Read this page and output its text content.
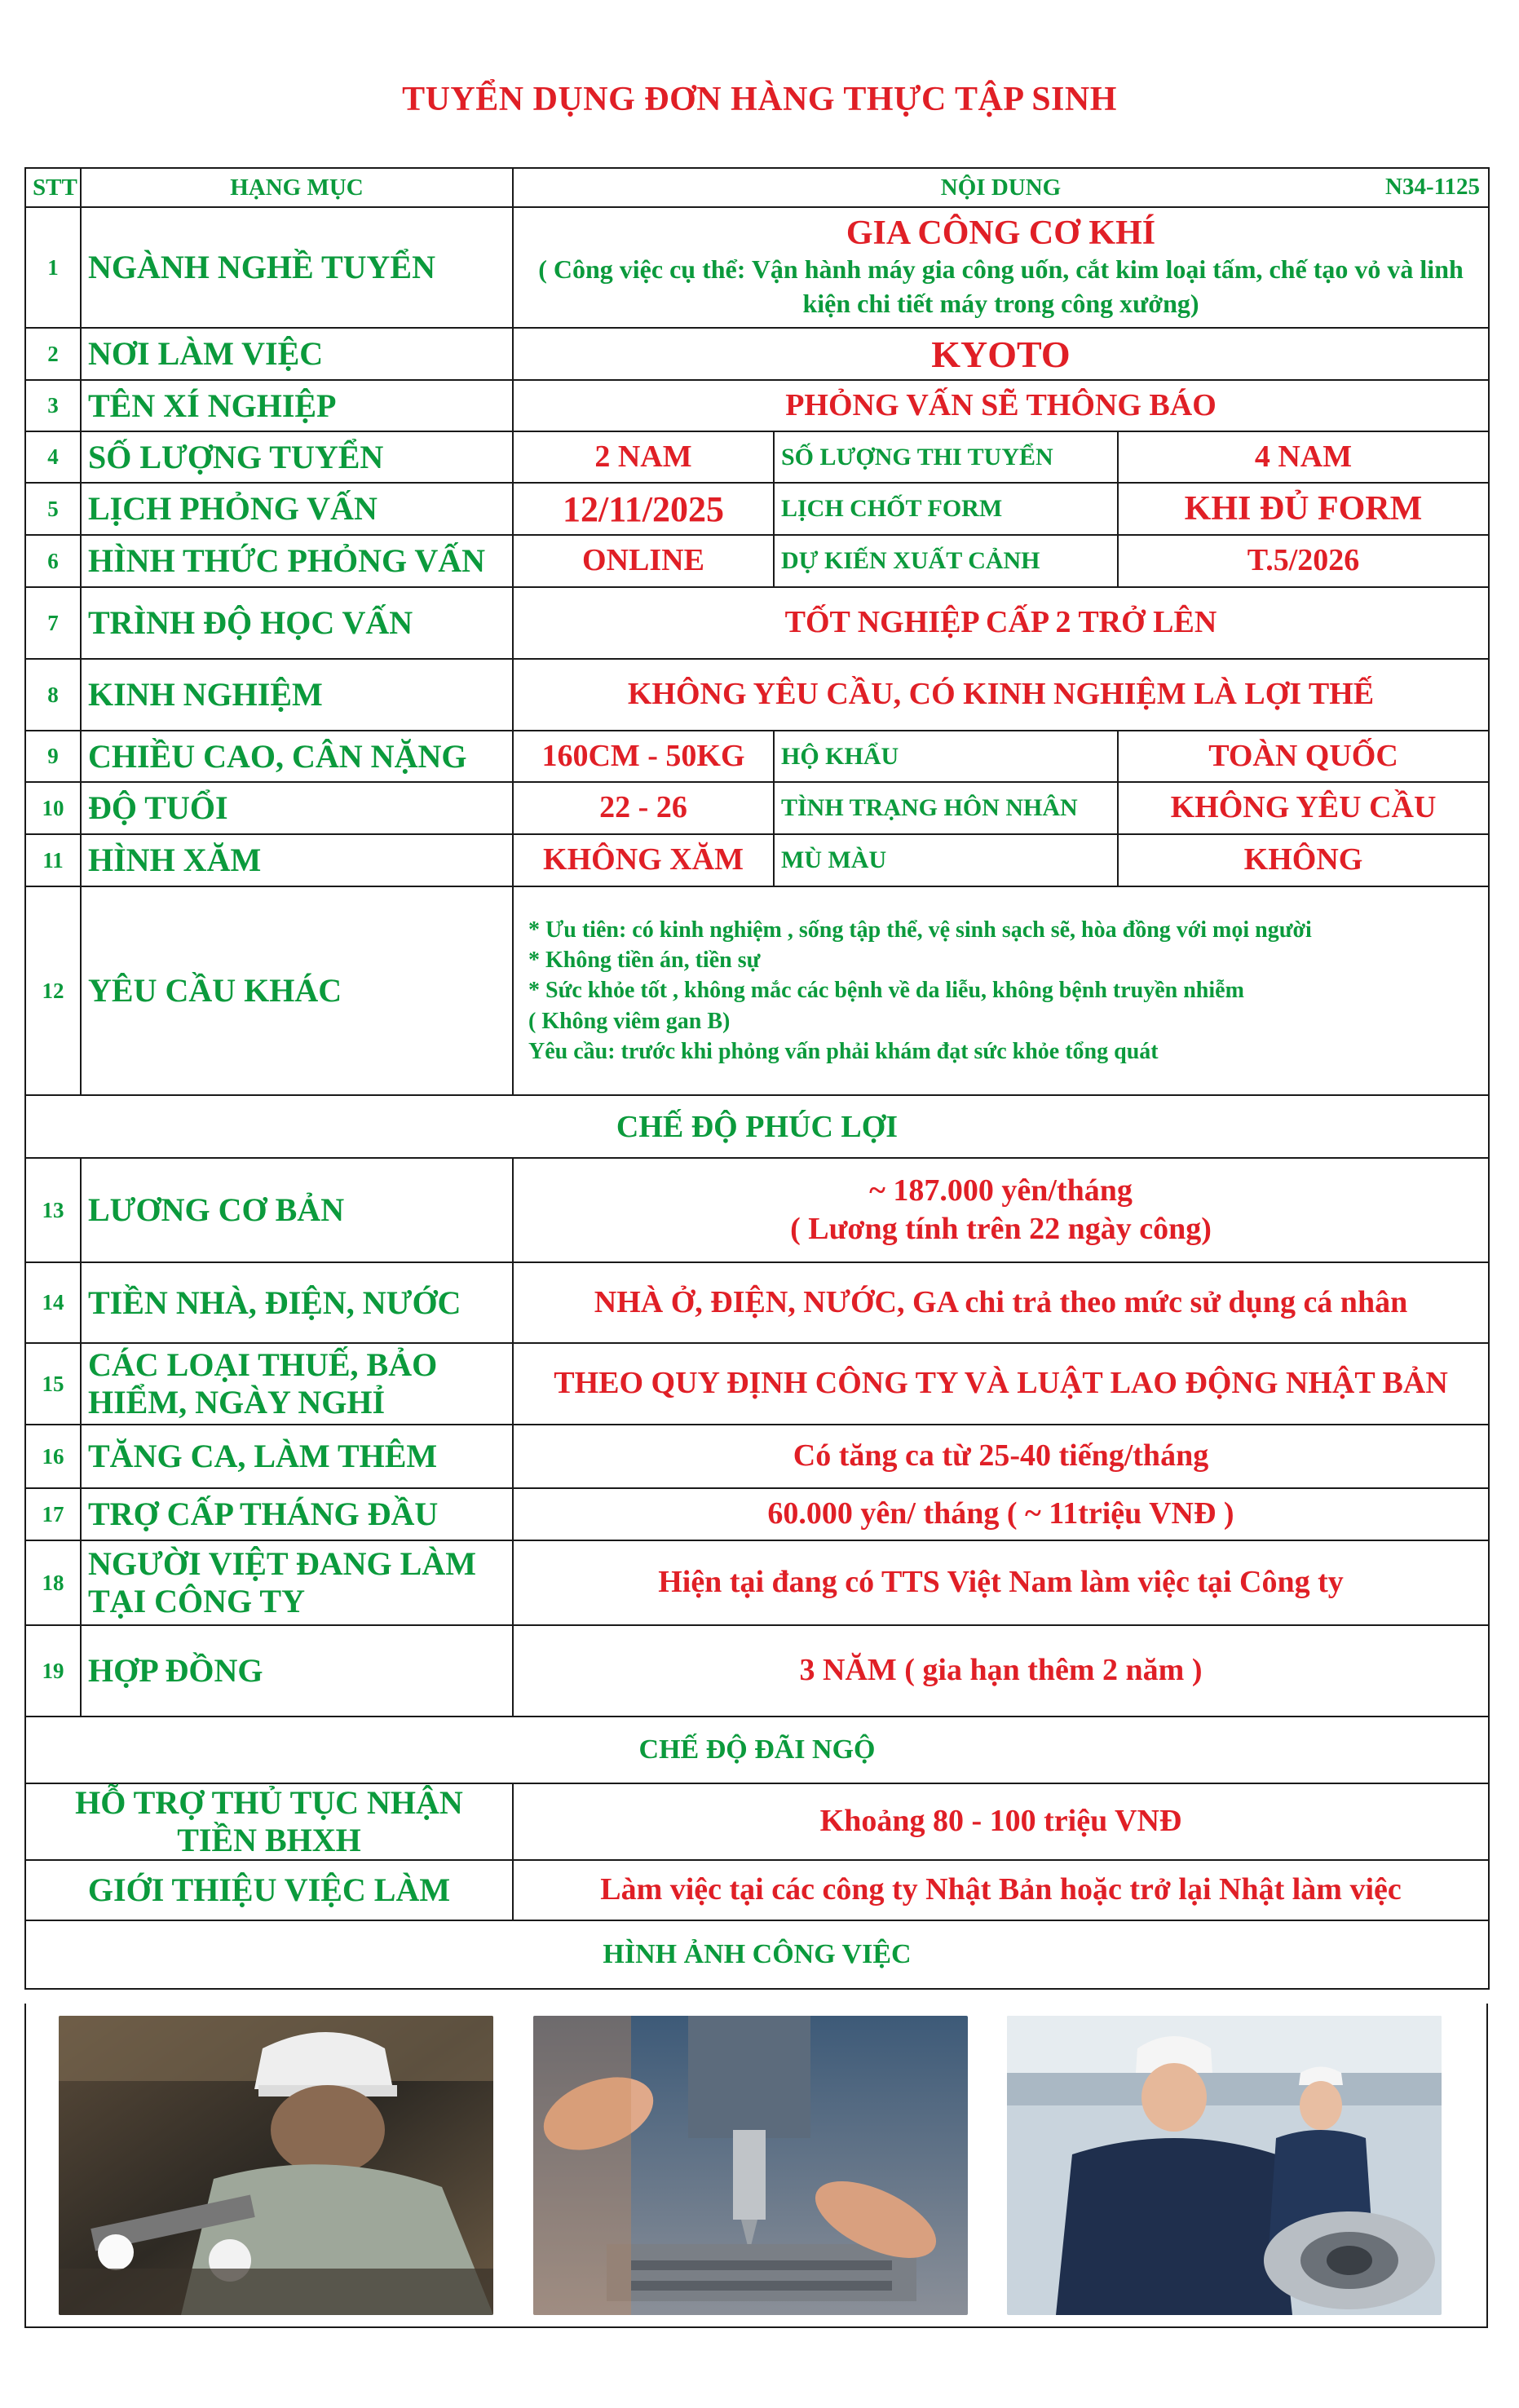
TUYỂN DỤNG ĐƠN HÀNG THỰC TẬP SINH
STT	HẠNG MỤC	NỘI DUNG N34-1125		

1	NGÀNH NGHỀ TUYỂN	GIA CÔNG CƠ KHÍ
( Công việc cụ thể: Vận hành máy gia công uốn, cắt kim loại tấm, chế tạo vỏ và linh kiện chi tiết máy trong công xưởng)		

2	NƠI LÀM VIỆC	KYOTO		
3	TÊN XÍ NGHIỆP	PHỎNG VẤN SẼ THÔNG BÁO		
4	SỐ LƯỢNG TUYỂN	2 NAM	SỐ LƯỢNG THI TUYỂN	4 NAM
5	LỊCH PHỎNG VẤN	12/11/2025	LỊCH CHỐT FORM	KHI ĐỦ FORM
6	HÌNH THỨC PHỎNG VẤN	ONLINE	DỰ KIẾN XUẤT CẢNH	T.5/2026
7	TRÌNH ĐỘ HỌC VẤN	TỐT NGHIỆP CẤP 2 TRỞ LÊN		
8	KINH NGHIỆM	KHÔNG YÊU CẦU, CÓ KINH NGHIỆM LÀ LỢI THẾ		
9	CHIỀU CAO, CÂN NẶNG	160CM - 50KG	HỘ KHẨU	TOÀN QUỐC
10	ĐỘ TUỔI	22 - 26	TÌNH TRẠNG HÔN NHÂN	KHÔNG YÊU CẦU
11	HÌNH XĂM	KHÔNG XĂM	MÙ MÀU	KHÔNG
12	YÊU CẦU KHÁC	* Ưu tiên: có kinh nghiệm , sống tập thể, vệ sinh sạch sẽ, hòa đồng với mọi người
* Không tiền án, tiền sự
* Sức khỏe tốt , không mắc các bệnh về da liễu, không bệnh truyền nhiễm
( Không viêm gan B)
Yêu cầu: trước khi phỏng vấn phải khám đạt sức khỏe tổng quát		

CHẾ ĐỘ PHÚC LỢI				
13	LƯƠNG CƠ BẢN	~ 187.000 yên/tháng
( Lương tính trên 22 ngày công)		

14	TIỀN NHÀ, ĐIỆN, NƯỚC	NHÀ Ở, ĐIỆN, NƯỚC, GA chi trả theo mức sử dụng cá nhân		
15	CÁC LOẠI THUẾ, BẢO HIỂM, NGÀY NGHỈ	THEO QUY ĐỊNH CÔNG TY VÀ LUẬT LAO ĐỘNG NHẬT BẢN		
16	TĂNG CA, LÀM THÊM	Có tăng ca từ 25-40 tiếng/tháng		
17	TRỢ CẤP THÁNG ĐẦU	60.000 yên/ tháng ( ~ 11triệu VNĐ )		
18	NGƯỜI VIỆT ĐANG LÀM TẠI CÔNG TY	Hiện tại đang có TTS Việt Nam làm việc tại Công ty		
19	HỢP ĐỒNG	3 NĂM ( gia hạn thêm 2 năm )		
CHẾ ĐỘ ĐÃI NGỘ				
HỖ TRỢ THỦ TỤC NHẬN TIỀN BHXH		Khoảng 80 - 100 triệu VNĐ		
GIỚI THIỆU VIỆC LÀM		Làm việc tại các công ty Nhật Bản hoặc trở lại Nhật làm việc		
HÌNH ẢNH CÔNG VIỆC				
